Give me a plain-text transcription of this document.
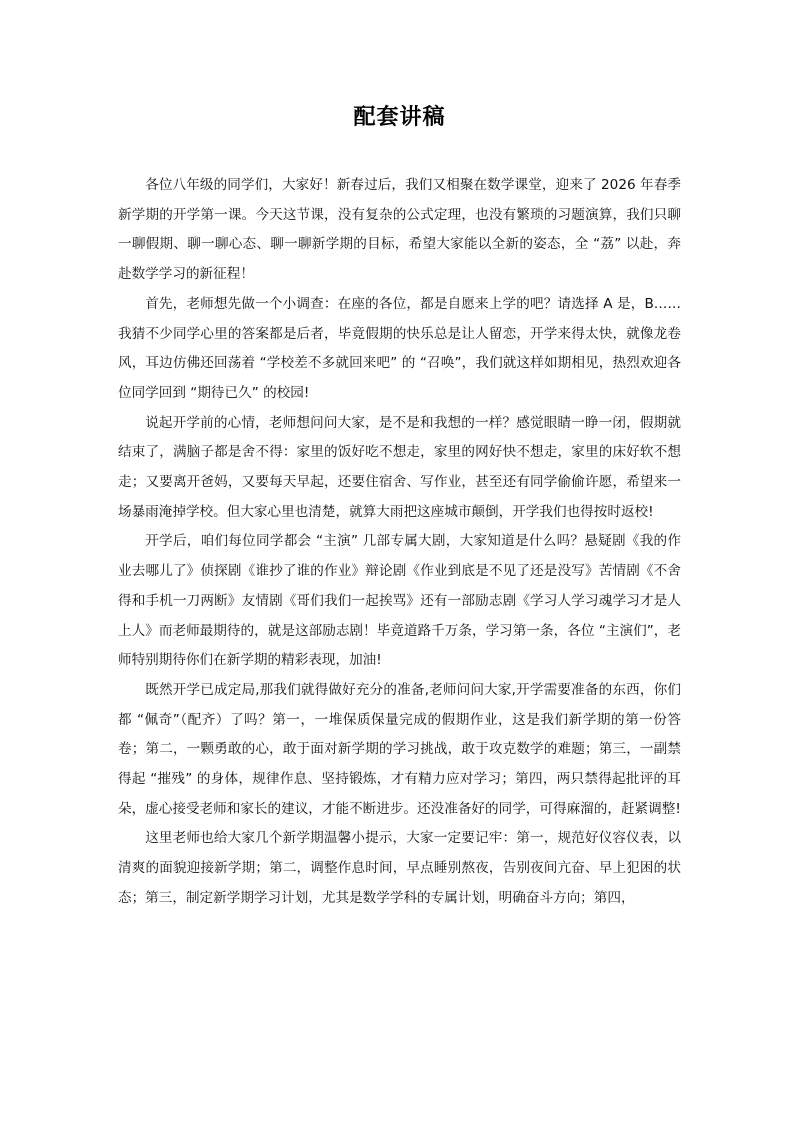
配套讲稿

各位八年级的同学们，大家好！新春过后，我们又相聚在数学课堂，迎来了 2026 年春季新学期的开学第一课。今天这节课，没有复杂的公式定理，也没有繁琐的习题演算，我们只聊一聊假期、聊一聊心态、聊一聊新学期的目标，希望大家能以全新的姿态，全 “荔” 以赴，奔赴数学学习的新征程！

首先，老师想先做一个小调查：在座的各位，都是自愿来上学的吧？请选择 A 是，B……我猜不少同学心里的答案都是后者，毕竟假期的快乐总是让人留恋，开学来得太快，就像龙卷风，耳边仿佛还回荡着 “学校差不多就回来吧” 的 “召唤”，我们就这样如期相见，热烈欢迎各位同学回到 “期待已久” 的校园!

说起开学前的心情，老师想问问大家，是不是和我想的一样？感觉眼睛一睁一闭，假期就结束了，满脑子都是舍不得：家里的饭好吃不想走，家里的网好快不想走，家里的床好软不想走；又要离开爸妈，又要每天早起，还要住宿舍、写作业，甚至还有同学偷偷许愿，希望来一场暴雨淹掉学校。但大家心里也清楚，就算大雨把这座城市颠倒，开学我们也得按时返校!

开学后，咱们每位同学都会 “主演” 几部专属大剧，大家知道是什么吗？悬疑剧《我的作业去哪儿了》侦探剧《谁抄了谁的作业》辩论剧《作业到底是不见了还是没写》苦情剧《不舍得和手机一刀两断》友情剧《哥们我们一起挨骂》还有一部励志剧《学习人学习魂学习才是人上人》而老师最期待的，就是这部励志剧！毕竟道路千万条，学习第一条，各位 “主演们”，老师特别期待你们在新学期的精彩表现，加油!

既然开学已成定局,那我们就得做好充分的准备,老师问问大家,开学需要准备的东西，你们都 “佩奇”（配齐）了吗？第一，一堆保质保量完成的假期作业，这是我们新学期的第一份答卷；第二，一颗勇敢的心，敢于面对新学期的学习挑战，敢于攻克数学的难题；第三，一副禁得起 “摧残” 的身体，规律作息、坚持锻炼，才有精力应对学习；第四，两只禁得起批评的耳朵，虚心接受老师和家长的建议，才能不断进步。还没准备好的同学，可得麻溜的，赶紧调整!

这里老师也给大家几个新学期温馨小提示，大家一定要记牢：第一，规范好仪容仪表，以清爽的面貌迎接新学期；第二，调整作息时间，早点睡别熬夜，告别夜间亢奋、早上犯困的状态；第三，制定新学期学习计划，尤其是数学学科的专属计划，明确奋斗方向；第四，
